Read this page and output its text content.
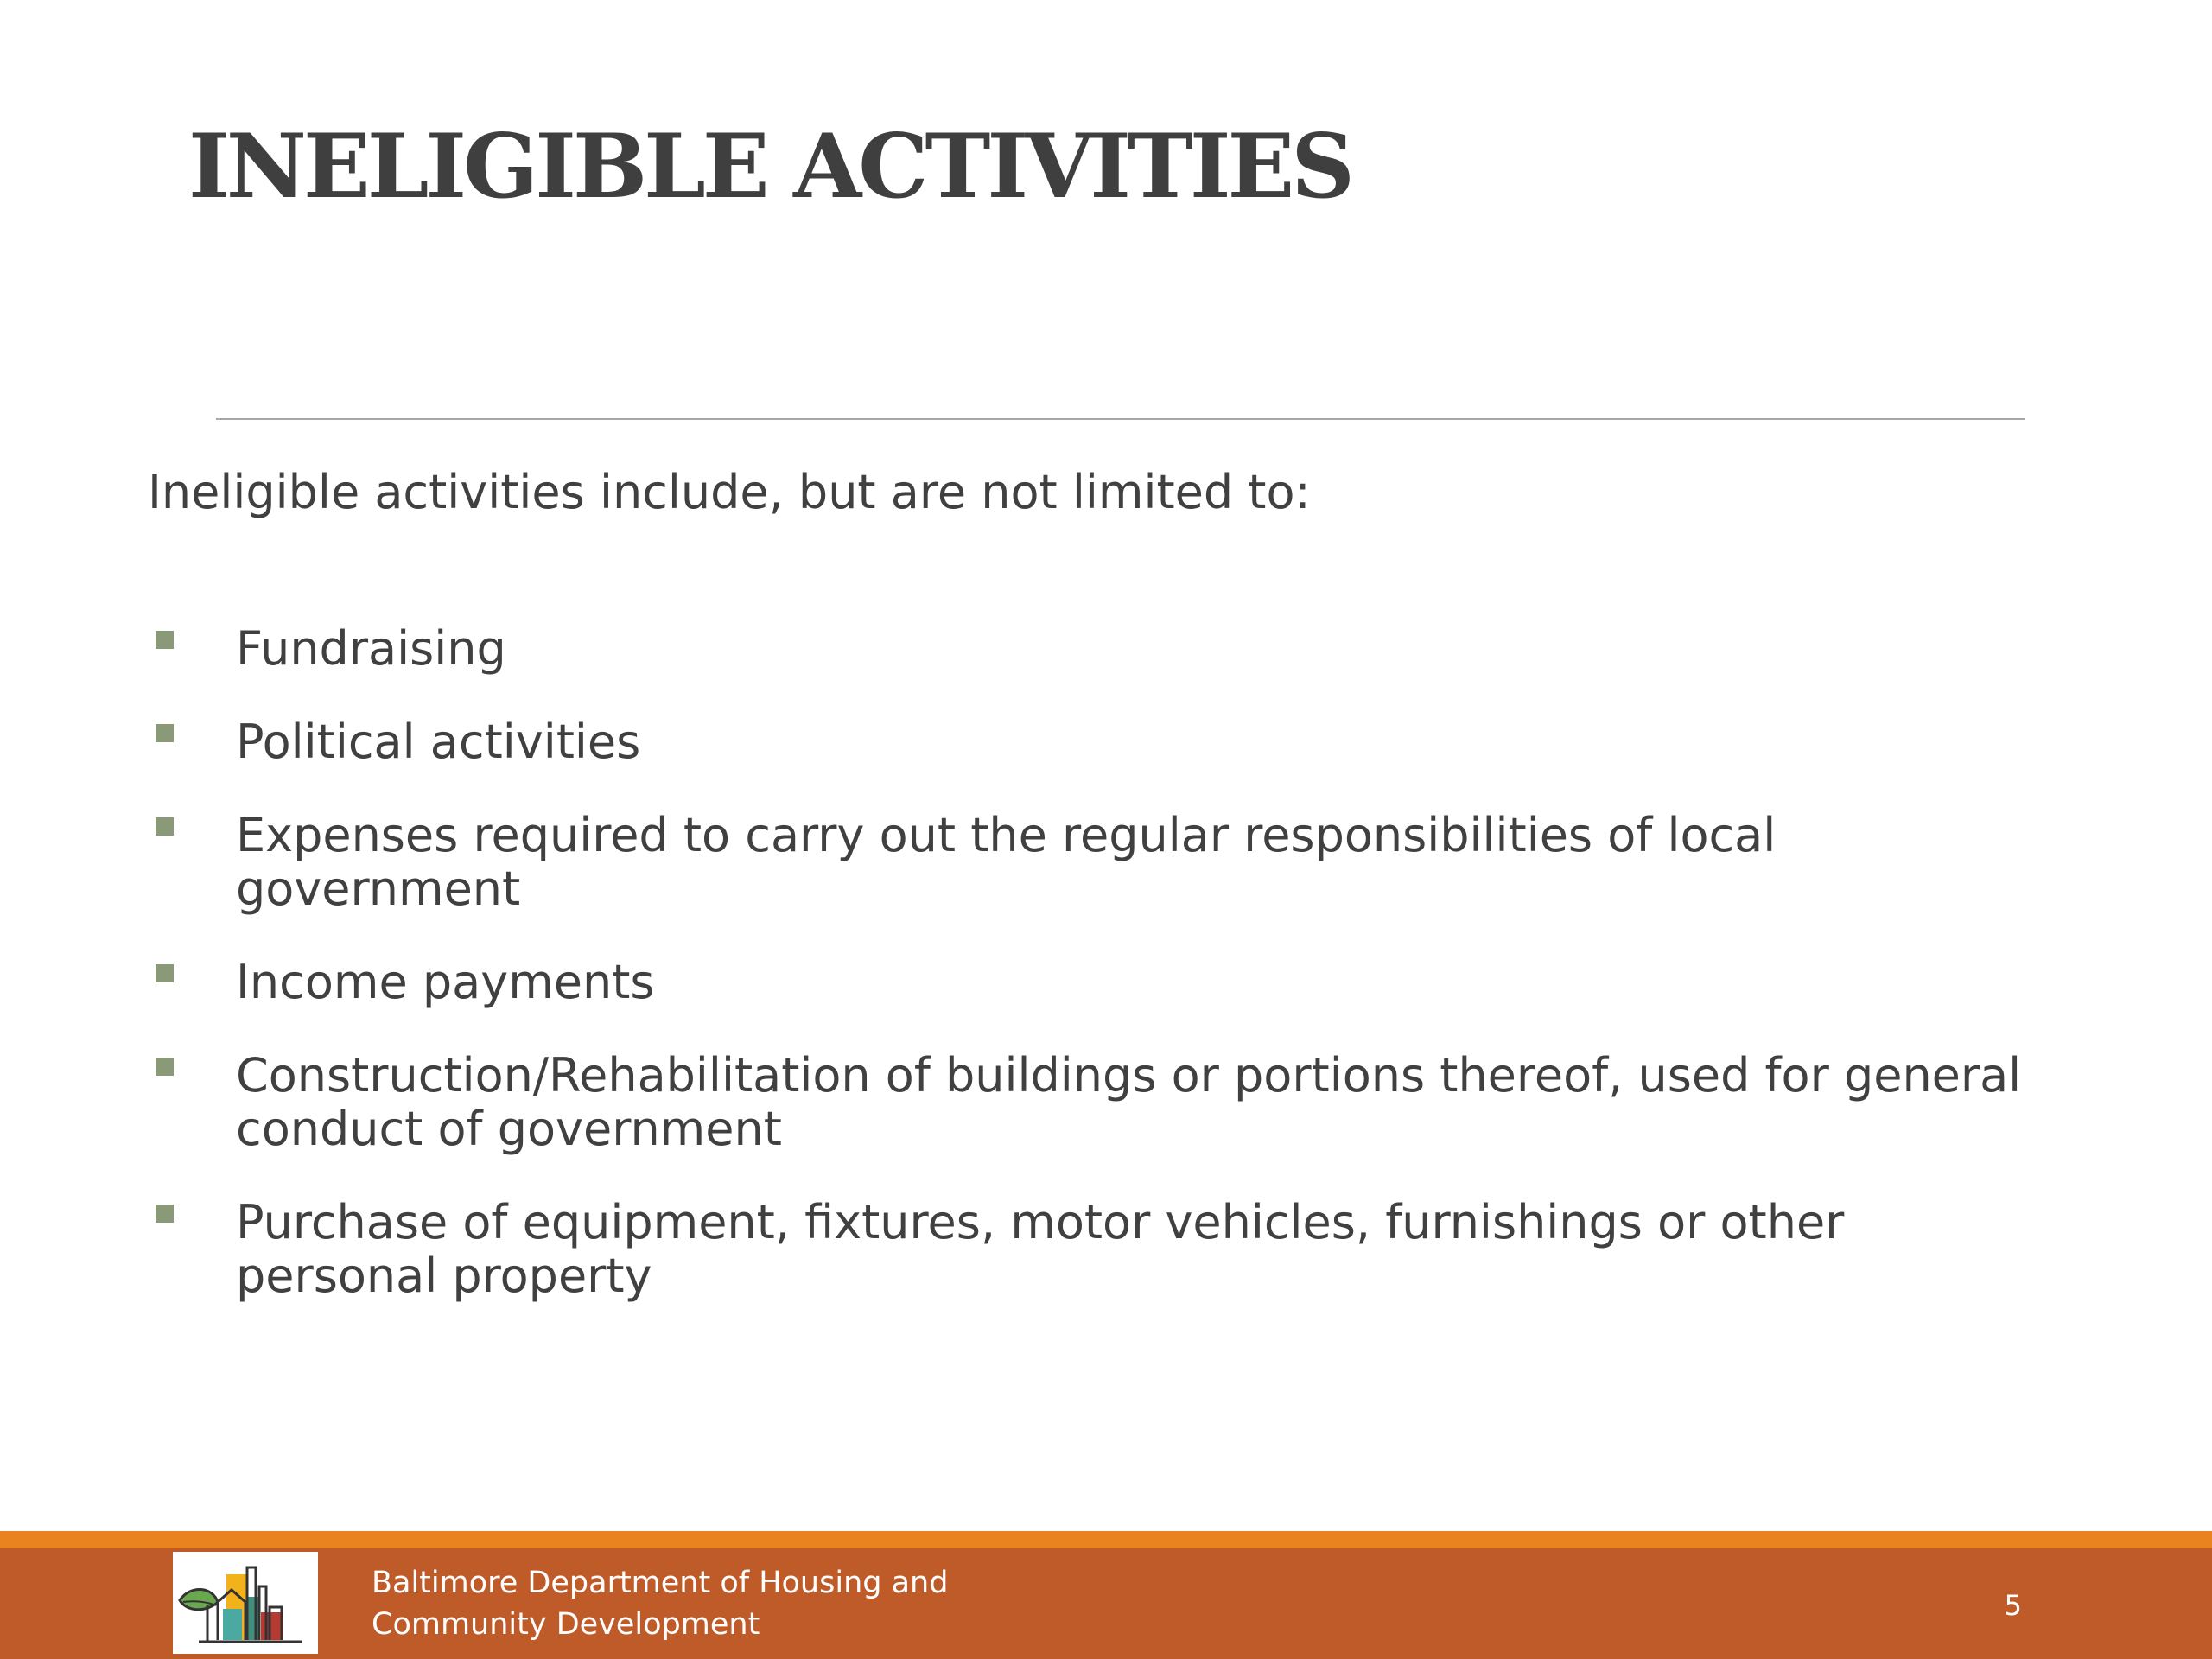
INELIGIBLE ACTIVITIES
Ineligible activities include, but are not limited to:
Fundraising
Political activities
Expenses required to carry out the regular responsibilities of local government
Income payments
Construction/Rehabilitation of buildings or portions thereof, used for general conduct of government
Purchase of equipment, fixtures, motor vehicles, furnishings or other personal property
Baltimore Department of Housing and
Community Development
5
